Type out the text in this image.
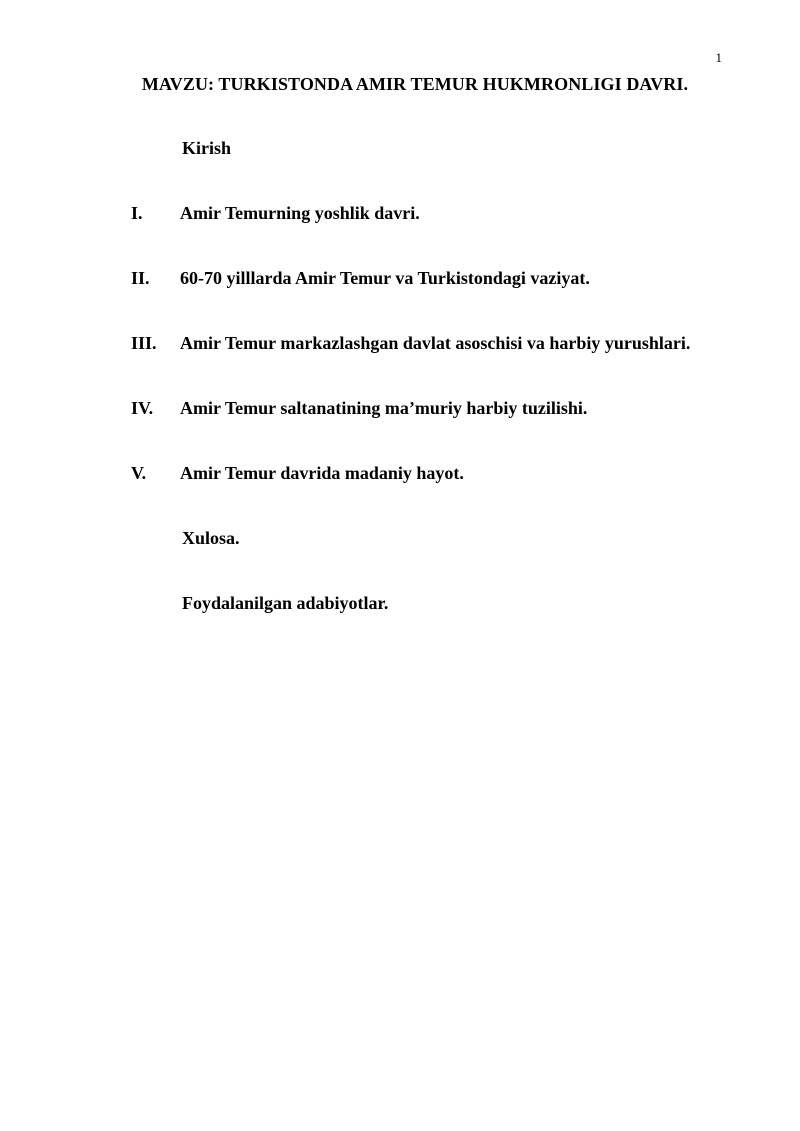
1
MAVZU: TURKISTONDA AMIR TEMUR HUKMRONLIGI DAVRI.
Kirish
I. Amir Temurning yoshlik davri.
II. 60-70 yilllarda Amir Temur va Turkistondagi vaziyat.
III. Amir Temur markazlashgan davlat asoschisi va harbiy yurushlari.
IV. Amir Temur saltanatining ma’muriy harbiy tuzilishi.
V. Amir Temur davrida madaniy hayot.
Xulosa.
Foydalanilgan adabiyotlar.
